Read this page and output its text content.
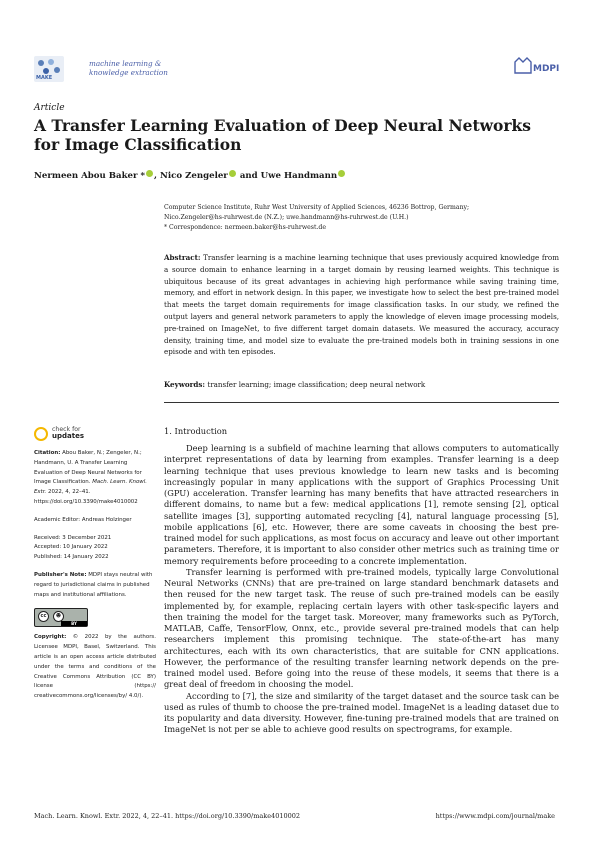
MAKE
machine learning &
knowledge extraction	MDPI
Article
A Transfer Learning Evaluation of Deep Neural Networks for Image Classification
Nermeen Abou Baker * , Nico Zengeler and Uwe Handmann
Computer Science Institute, Ruhr West University of Applied Sciences, 46236 Bottrop, Germany;
Nico.Zengeler@hs-ruhrwest.de (N.Z.); uwe.handmann@hs-ruhrwest.de (U.H.)
* Correspondence: nermeen.baker@hs-ruhrwest.de
Abstract: Transfer learning is a machine learning technique that uses previously acquired knowledge from a source domain to enhance learning in a target domain by reusing learned weights. This technique is ubiquitous because of its great advantages in achieving high performance while saving training time, memory, and effort in network design. In this paper, we investigate how to select the best pre-trained model that meets the target domain requirements for image classification tasks. In our study, we refined the output layers and general network parameters to apply the knowledge of eleven image processing models, pre-trained on ImageNet, to five different target domain datasets. We measured the accuracy, accuracy density, training time, and model size to evaluate the pre-trained models both in training sessions in one episode and with ten episodes.
Keywords: transfer learning; image classification; deep neural network
check for
updates

Citation: Abou Baker, N.; Zengeler, N.; Handmann, U. A Transfer Learning Evaluation of Deep Neural Networks for Image Classification. Mach. Learn. Knowl. Extr. 2022, 4, 22–41. https://doi.org/10.3390/make4010002

Academic Editor: Andreas Holzinger

Received: 3 December 2021
Accepted: 10 January 2022
Published: 14 January 2022

Publisher's Note: MDPI stays neutral with regard to jurisdictional claims in published maps and institutional affiliations.

cc	☻
BY

Copyright: © 2022 by the authors. Licensee MDPI, Basel, Switzerland. This article is an open access article distributed under the terms and conditions of the Creative Commons Attribution (CC BY) license (https:// creativecommons.org/licenses/by/ 4.0/).

1. Introduction

Deep learning is a subfield of machine learning that allows computers to automatically interpret representations of data by learning from examples. Transfer learning is a deep learning technique that uses previous knowledge to learn new tasks and is becoming increasingly popular in many applications with the support of Graphics Processing Unit (GPU) acceleration. Transfer learning has many benefits that have attracted researchers in different domains, to name but a few: medical applications [1], remote sensing [2], optical satellite images [3], supporting automated recycling [4], natural language processing [5], mobile applications [6], etc. However, there are some caveats in choosing the best pre-trained model for such applications, as most focus on accuracy and leave out other important parameters. Therefore, it is important to also consider other metrics such as training time or memory requirements before proceeding to a concrete implementation.

Transfer learning is performed with pre-trained models, typically large Convolutional Neural Networks (CNNs) that are pre-trained on large standard benchmark datasets and then reused for the new target task. The reuse of such pre-trained models can be easily implemented by, for example, replacing certain layers with other task-specific layers and then training the model for the target task. Moreover, many frameworks such as PyTorch, MATLAB, Caffe, TensorFlow, Onnx, etc., provide several pre-trained models that can help researchers implement this promising technique. The state-of-the-art has many architectures, each with its own characteristics, that are suitable for CNN applications. However, the performance of the resulting transfer learning network depends on the pre-trained model used. Before going into the reuse of these models, it seems that there is a great deal of freedom in choosing the model.

According to [7], the size and similarity of the target dataset and the source task can be used as rules of thumb to choose the pre-trained model. ImageNet is a leading dataset due to its popularity and data diversity. However, fine-tuning pre-trained models that are trained on ImageNet is not per se able to achieve good results on spectrograms, for example.

Mach. Learn. Knowl. Extr. 2022, 4, 22–41. https://doi.org/10.3390/make4010002	https://www.mdpi.com/journal/make
